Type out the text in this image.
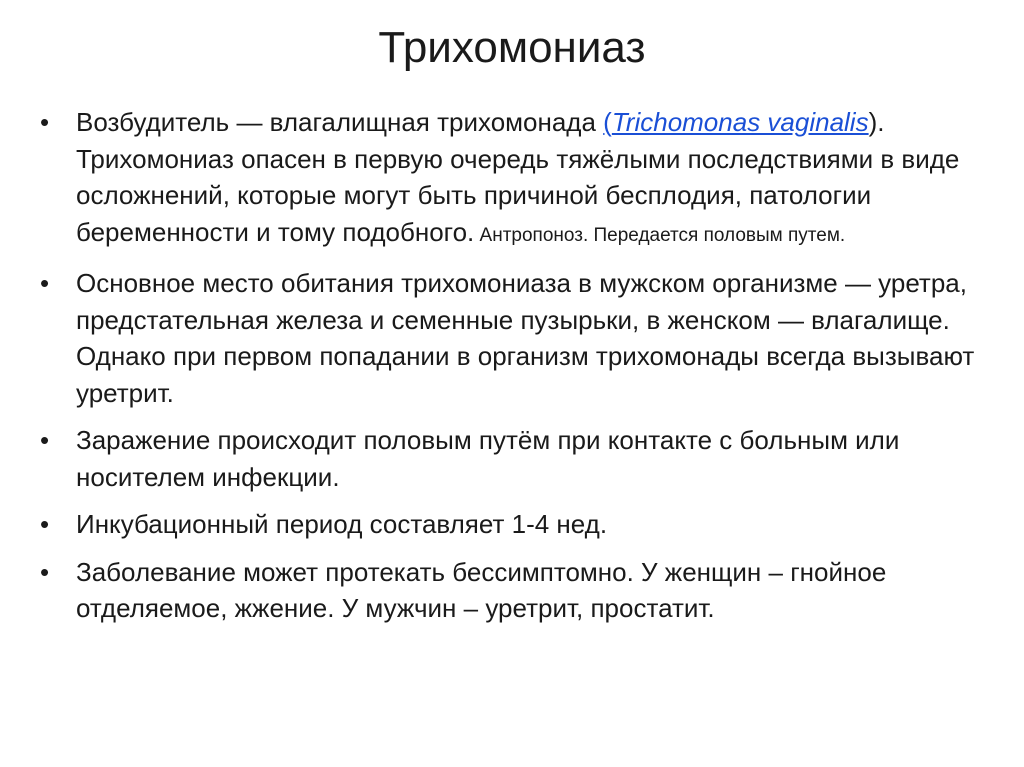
Трихомониаз
•	Возбудитель — влагалищная трихомонада (Trichomonas vaginalis). Трихомониаз опасен в первую очередь тяжёлыми последствиями в виде осложнений, которые могут быть причиной бесплодия, патологии беременности и тому подобного. Антропоноз. Передается половым путем.
•	Основное место обитания трихомониаза в мужском организме — уретра, предстательная железа и семенные пузырьки, в женском — влагалище. Однако при первом попадании в организм трихомонады всегда вызывают уретрит.
•	Заражение происходит половым путём при контакте с больным или носителем инфекции.
•	Инкубационный период составляет 1-4 нед.
•	Заболевание может протекать бессимптомно. У женщин – гнойное отделяемое, жжение. У мужчин – уретрит, простатит.
